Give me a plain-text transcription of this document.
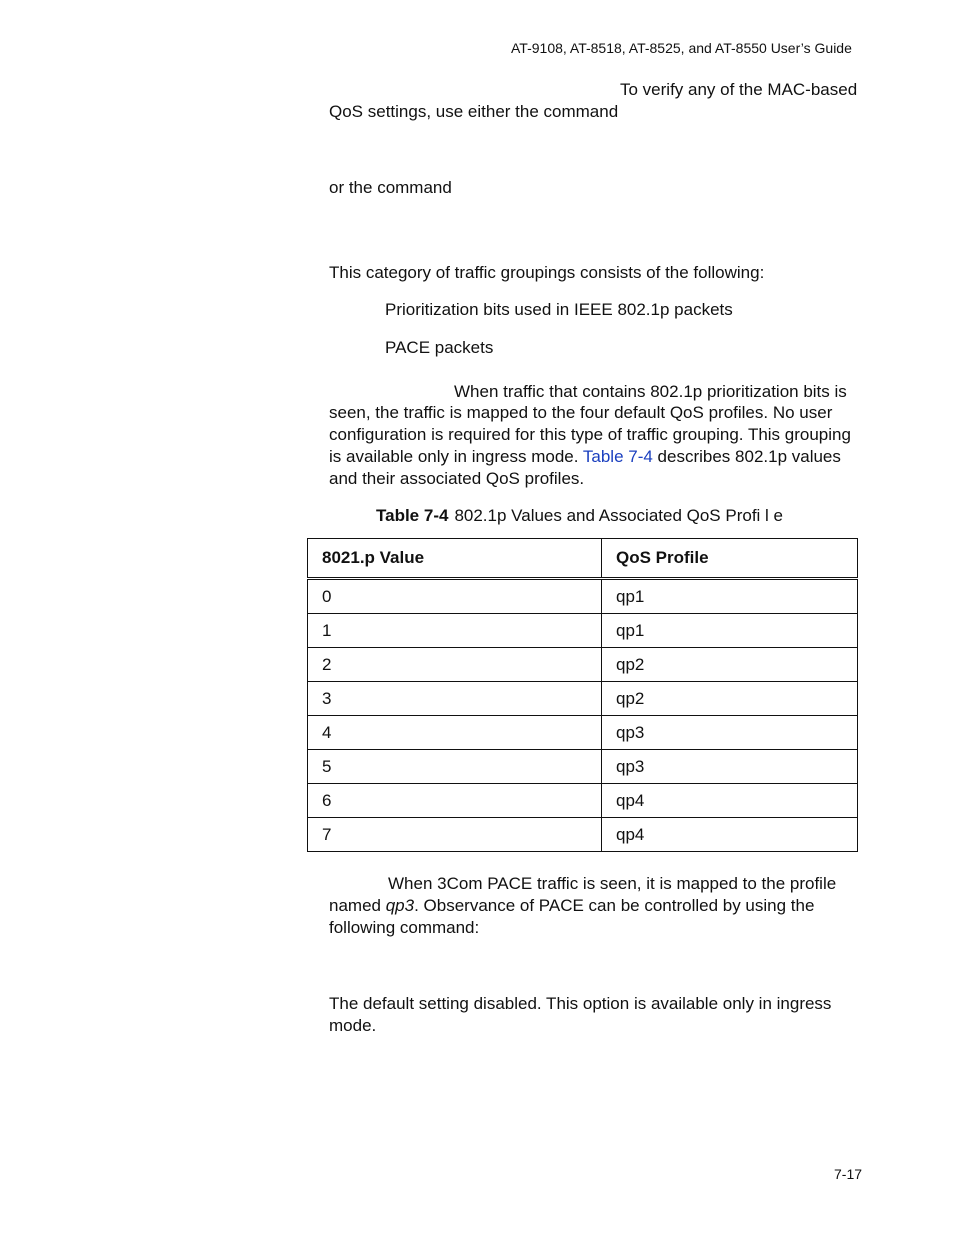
AT-9108, AT-8518, AT-8525, and AT-8550 User’s Guide
To verify any of the MAC-based
QoS settings, use either the command
or the command
This category of traffic groupings consists of the following:
Prioritization bits used in IEEE 802.1p packets
PACE packets
When traffic that contains 802.1p prioritization bits is
seen, the traffic is mapped to the four default QoS profiles. No user configuration is required for this type of traffic grouping. This grouping is available only in ingress mode. Table 7-4 describes 802.1p values and their associated QoS profiles.
Table 7-4 802.1p Values and Associated QoS Profi l e
8021.p Value	QoS Profile
0	qp1
1	qp1
2	qp2
3	qp2
4	qp3
5	qp3
6	qp4
7	qp4
When 3Com PACE traffic is seen, it is mapped to the profile
named qp3. Observance of PACE can be controlled by using the
following command:
The default setting disabled. This option is available only in ingress mode.
7-17
